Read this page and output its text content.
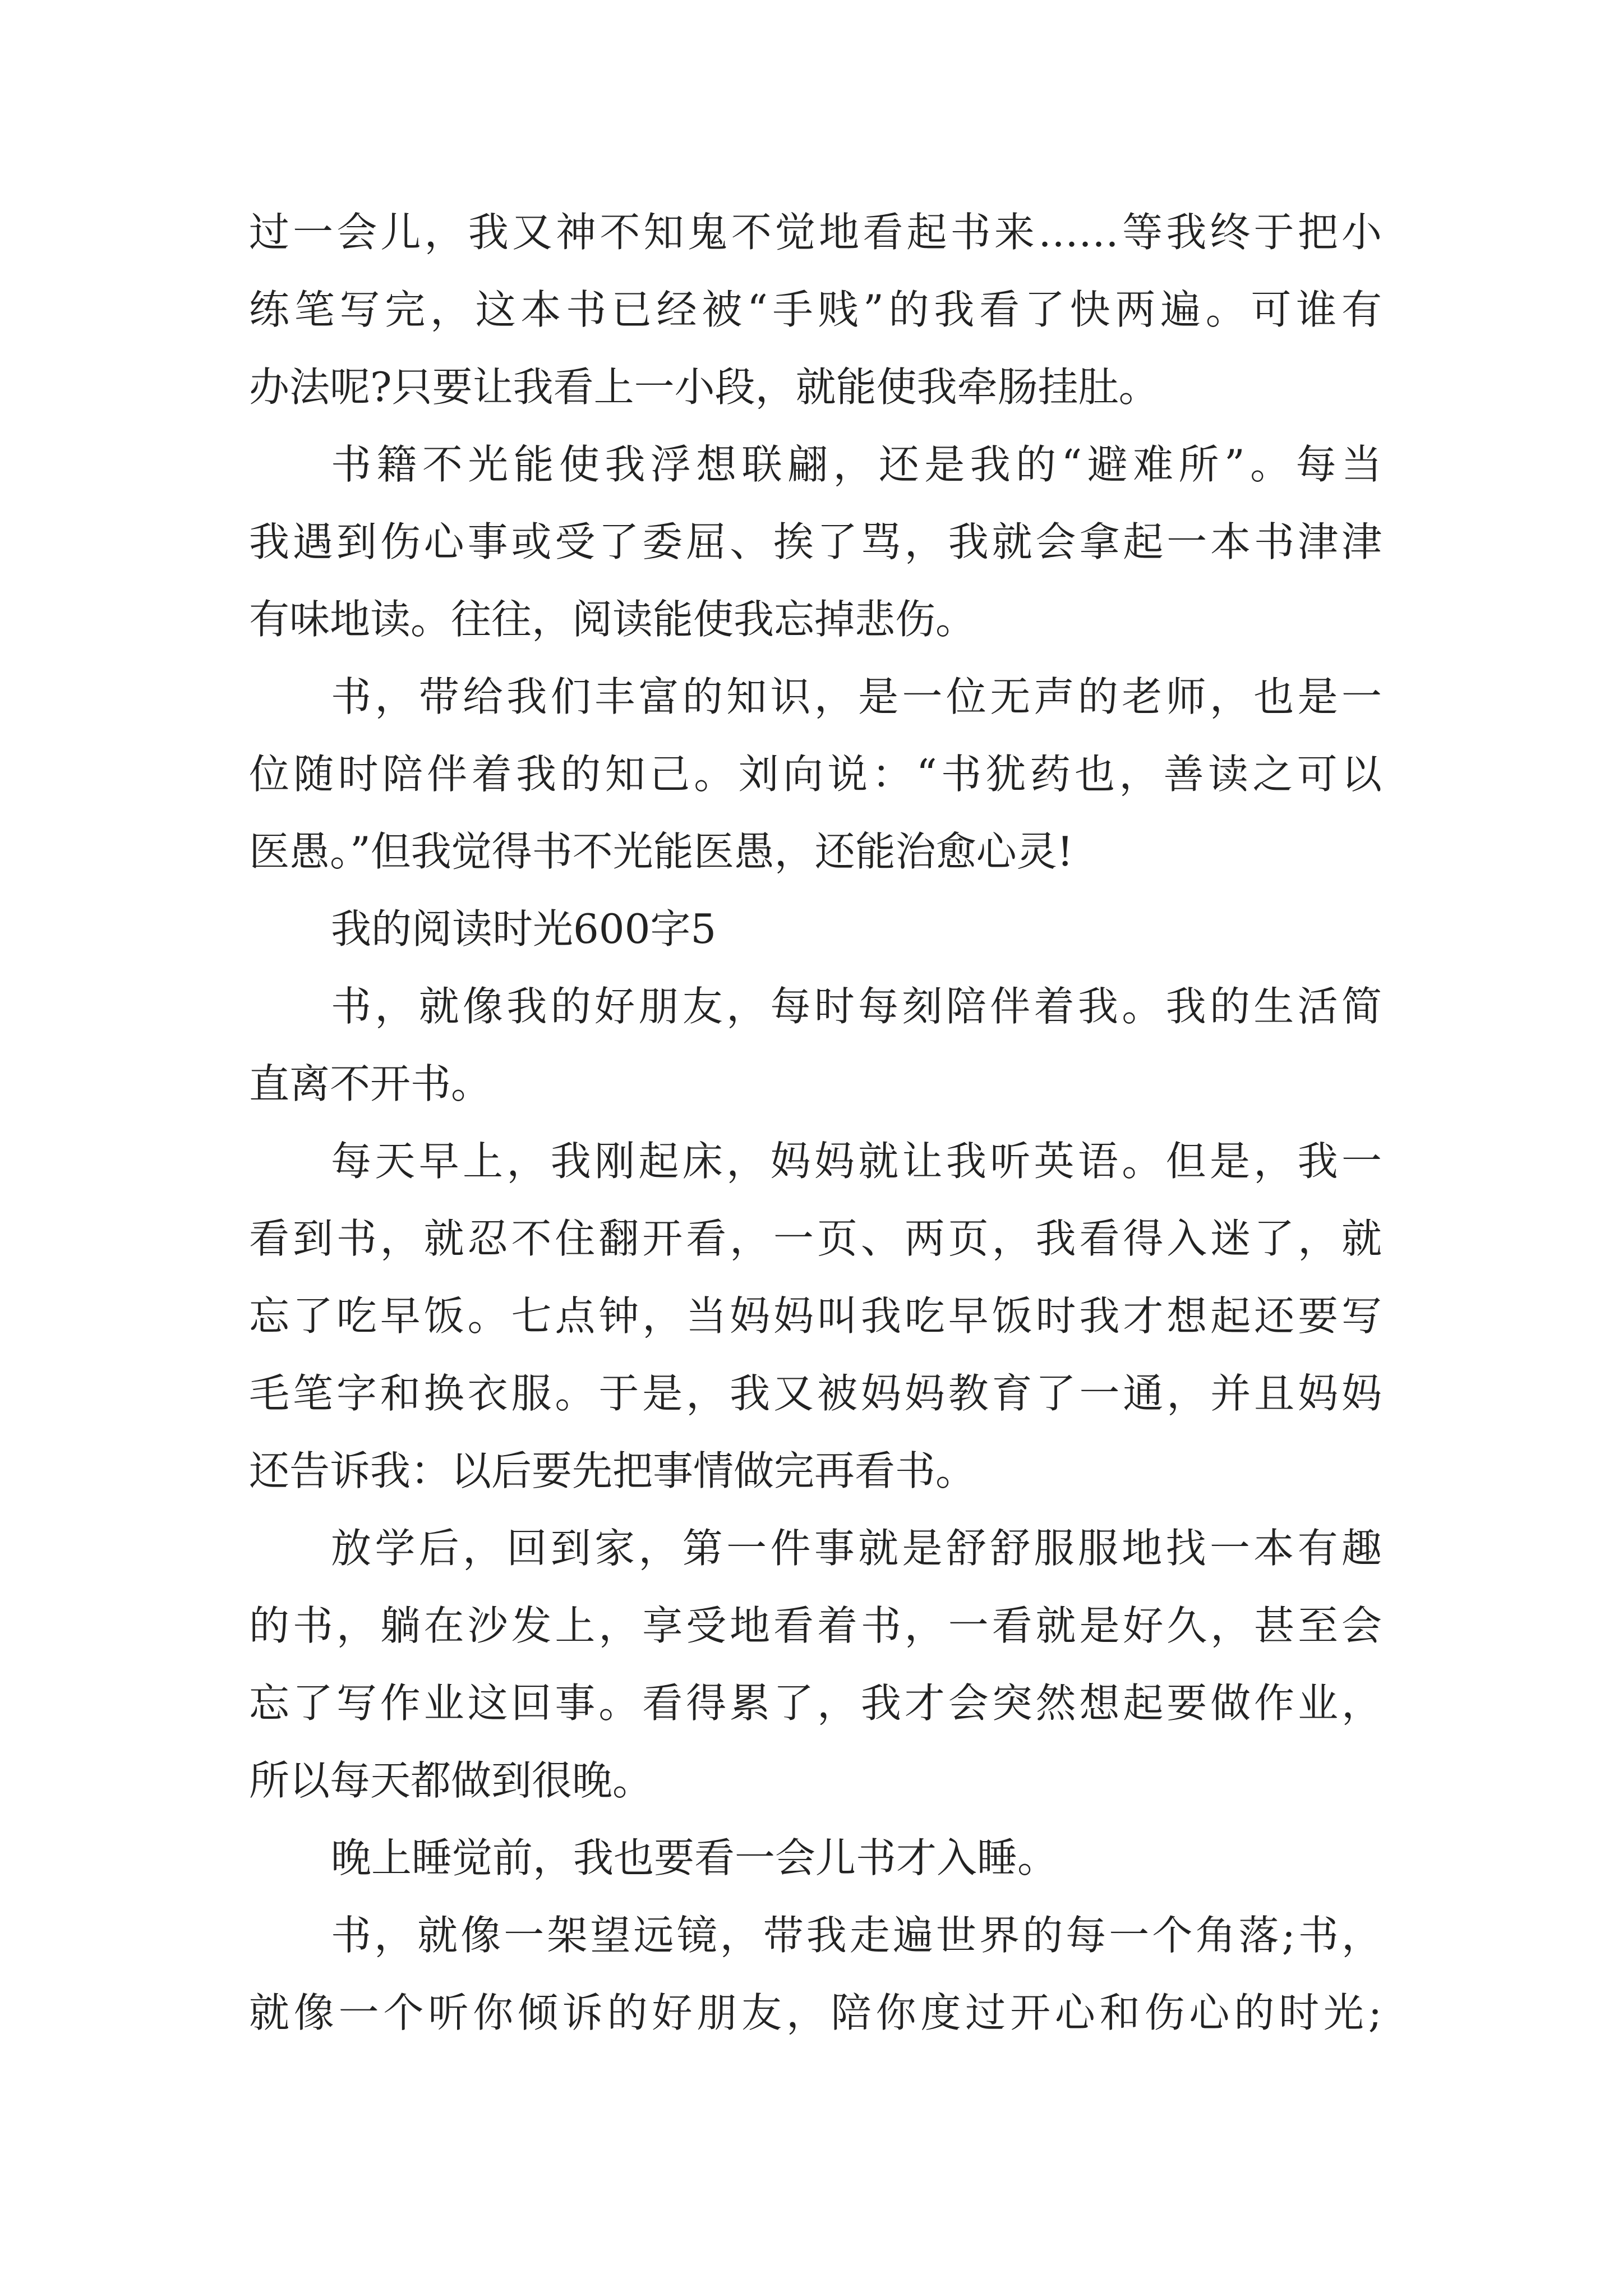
过一会儿，我又神不知鬼不觉地看起书来……等我终于把小
练笔写完，这本书已经被“手贱”的我看了快两遍。可谁有
办法呢?只要让我看上一小段，就能使我牵肠挂肚。
书籍不光能使我浮想联翩，还是我的“避难所”。每当
我遇到伤心事或受了委屈、挨了骂，我就会拿起一本书津津
有味地读。往往，阅读能使我忘掉悲伤。
书，带给我们丰富的知识，是一位无声的老师，也是一
位随时陪伴着我的知己。刘向说：“书犹药也，善读之可以
医愚。”但我觉得书不光能医愚，还能治愈心灵!
我的阅读时光600字5
书，就像我的好朋友，每时每刻陪伴着我。我的生活简
直离不开书。
每天早上，我刚起床，妈妈就让我听英语。但是，我一
看到书，就忍不住翻开看，一页、两页，我看得入迷了，就
忘了吃早饭。七点钟，当妈妈叫我吃早饭时我才想起还要写
毛笔字和换衣服。于是，我又被妈妈教育了一通，并且妈妈
还告诉我：以后要先把事情做完再看书。
放学后，回到家，第一件事就是舒舒服服地找一本有趣
的书，躺在沙发上，享受地看着书，一看就是好久，甚至会
忘了写作业这回事。看得累了，我才会突然想起要做作业，
所以每天都做到很晚。
晚上睡觉前，我也要看一会儿书才入睡。
书，就像一架望远镜，带我走遍世界的每一个角落;书，
就像一个听你倾诉的好朋友，陪你度过开心和伤心的时光;
